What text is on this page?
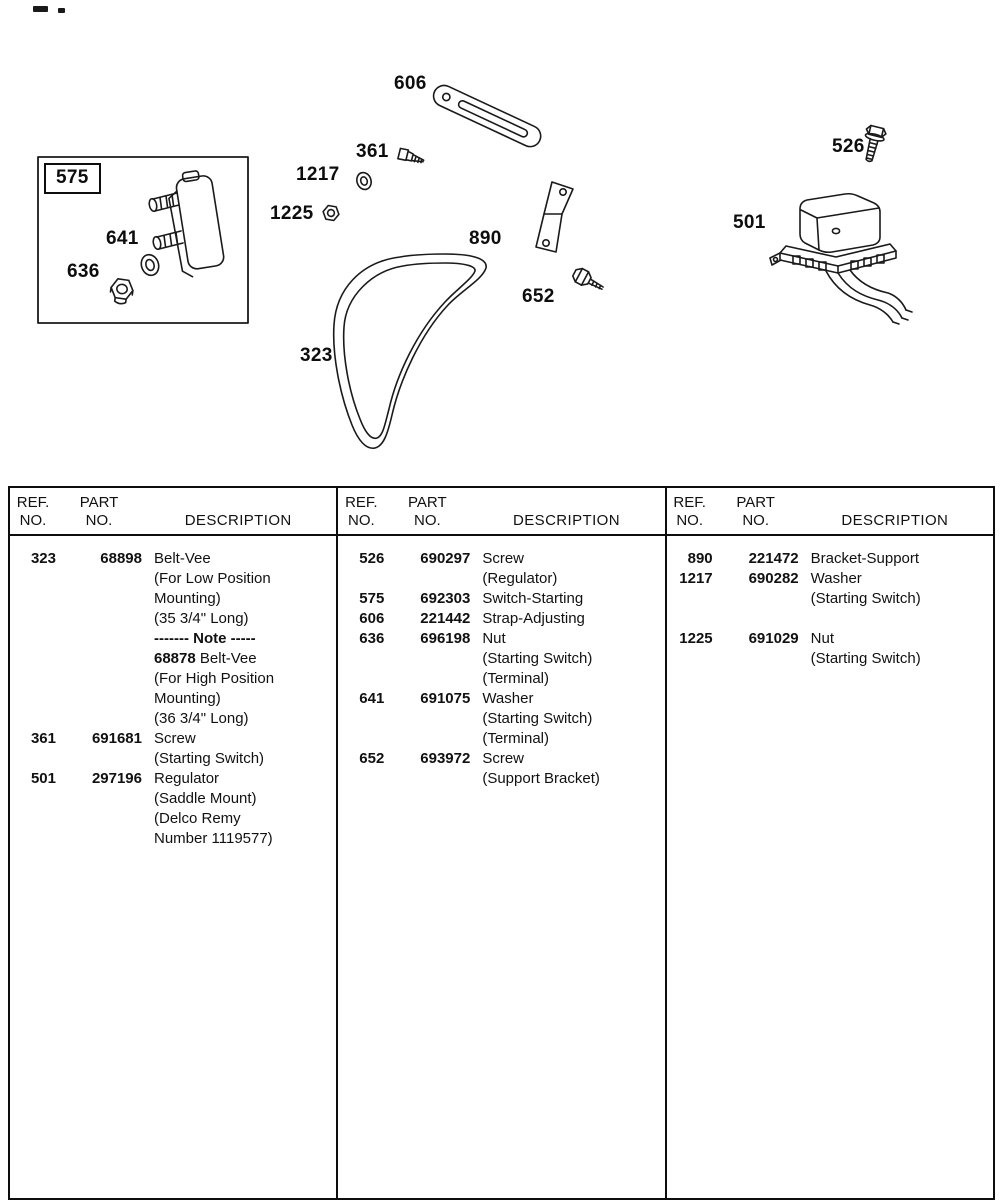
606
526
361
1217
575
1225	501
641	890
636
652
323
REF.
NO.
PART
NO.	DESCRIPTION
323	68898 Belt-Vee
(For Low Position
Mounting)
(35 3/4" Long)
------- Note -----
68878 Belt-Vee
(For High Position
Mounting)
(36 3/4" Long)
361	691681 Screw
(Starting Switch)
501	297196 Regulator
(Saddle Mount)
(Delco Remy
Number 1119577)
REF.
NO.
PART
NO.	DESCRIPTION
526	690297 Screw
(Regulator)
575	692303 Switch-Starting
606	221442 Strap-Adjusting
636	696198 Nut
(Starting Switch)
(Terminal)
641	691075 Washer
(Starting Switch)
(Terminal)
652	693972 Screw
(Support Bracket)
REF.
NO.
PART
NO.	DESCRIPTION
890	221472 Bracket-Support
1217	690282 Washer
(Starting Switch)
1225	691029 Nut
(Starting Switch)
